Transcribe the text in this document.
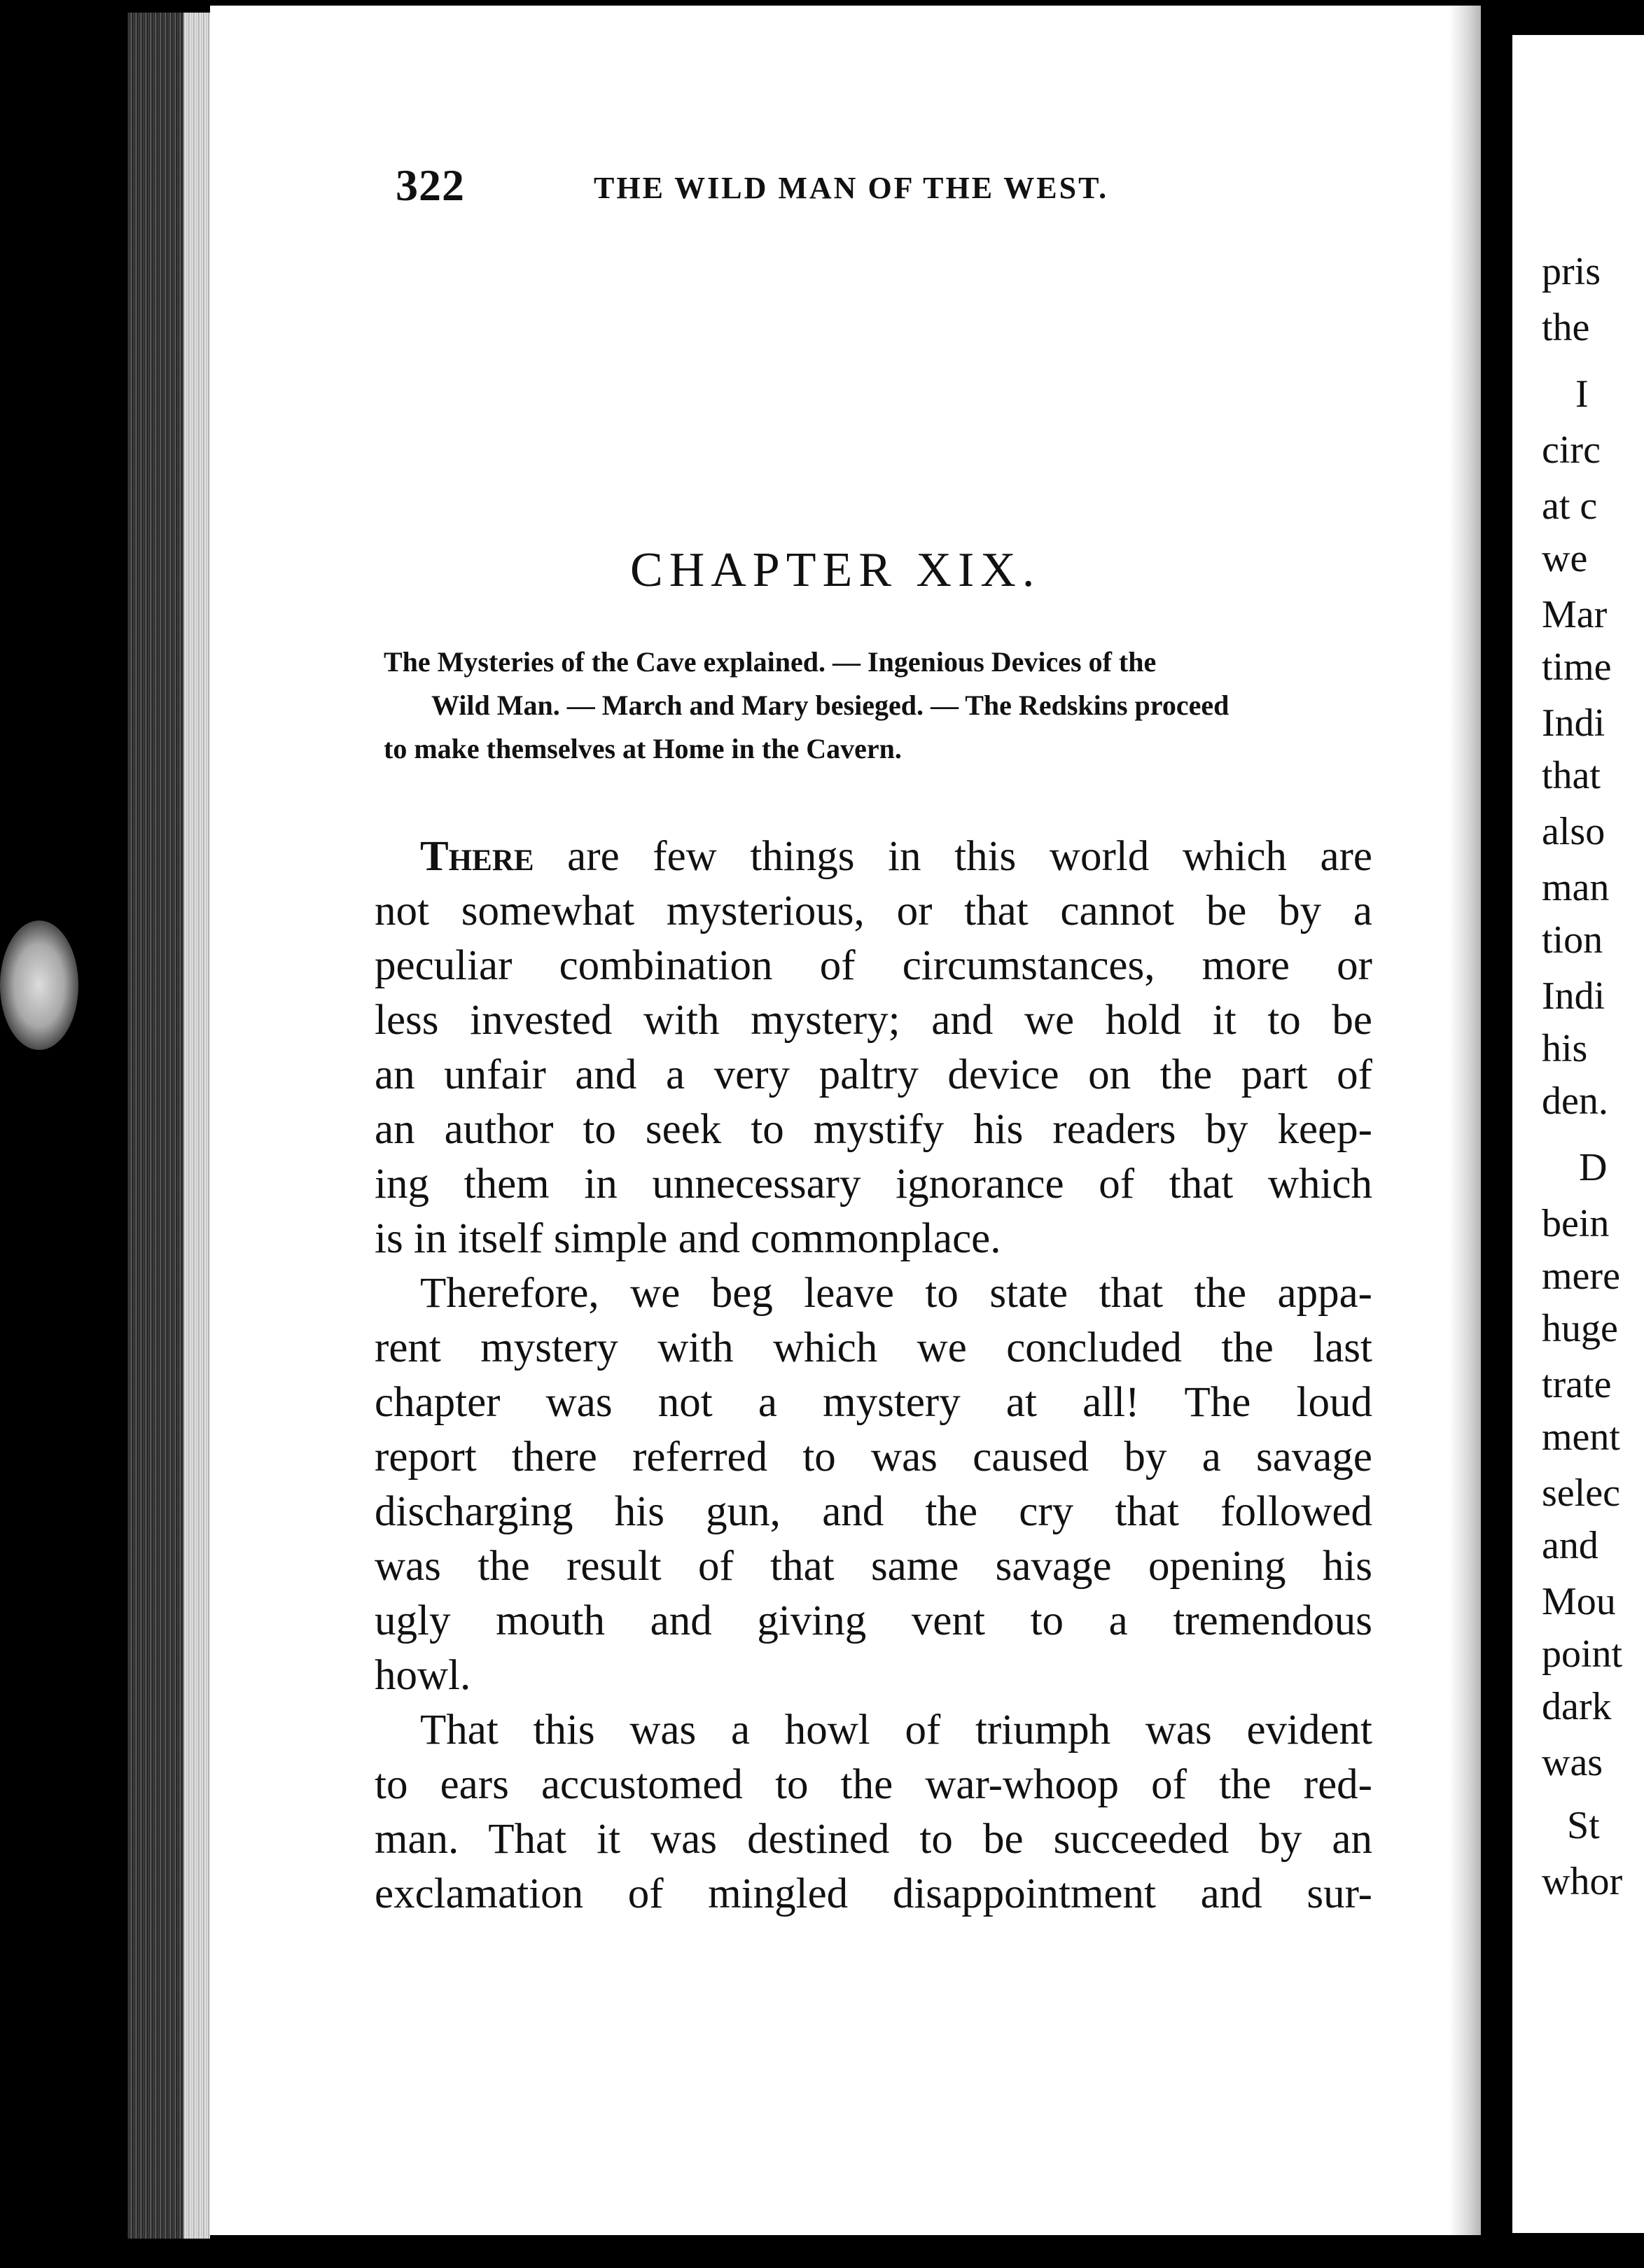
322	THE WILD MAN OF THE WEST.
CHAPTER XIX.
The Mysteries of the Cave explained. — Ingenious Devices of the
Wild Man. — March and Mary besieged. — The Redskins proceed
to make themselves at Home in the Cavern.
There are few things in this world which are
not somewhat mysterious, or that cannot be by a
peculiar combination of circumstances, more or
less invested with mystery; and we hold it to be
an unfair and a very paltry device on the part of
an author to seek to mystify his readers by keep-
ing them in unnecessary ignorance of that which
is in itself simple and commonplace.
Therefore, we beg leave to state that the appa-
rent mystery with which we concluded the last
chapter was not a mystery at all! The loud
report there referred to was caused by a savage
discharging his gun, and the cry that followed
was the result of that same savage opening his
ugly mouth and giving vent to a tremendous
howl.
That this was a howl of triumph was evident
to ears accustomed to the war-whoop of the red-
man. That it was destined to be succeeded by an
exclamation of mingled disappointment and sur-
pris
the
I
circ
at c
we
Mar
time
Indi
that
also
man
tion
Indi
his
den.
D
bein
mere
huge
trate
ment
selec
and
Mou
point
dark
was
St
whor
